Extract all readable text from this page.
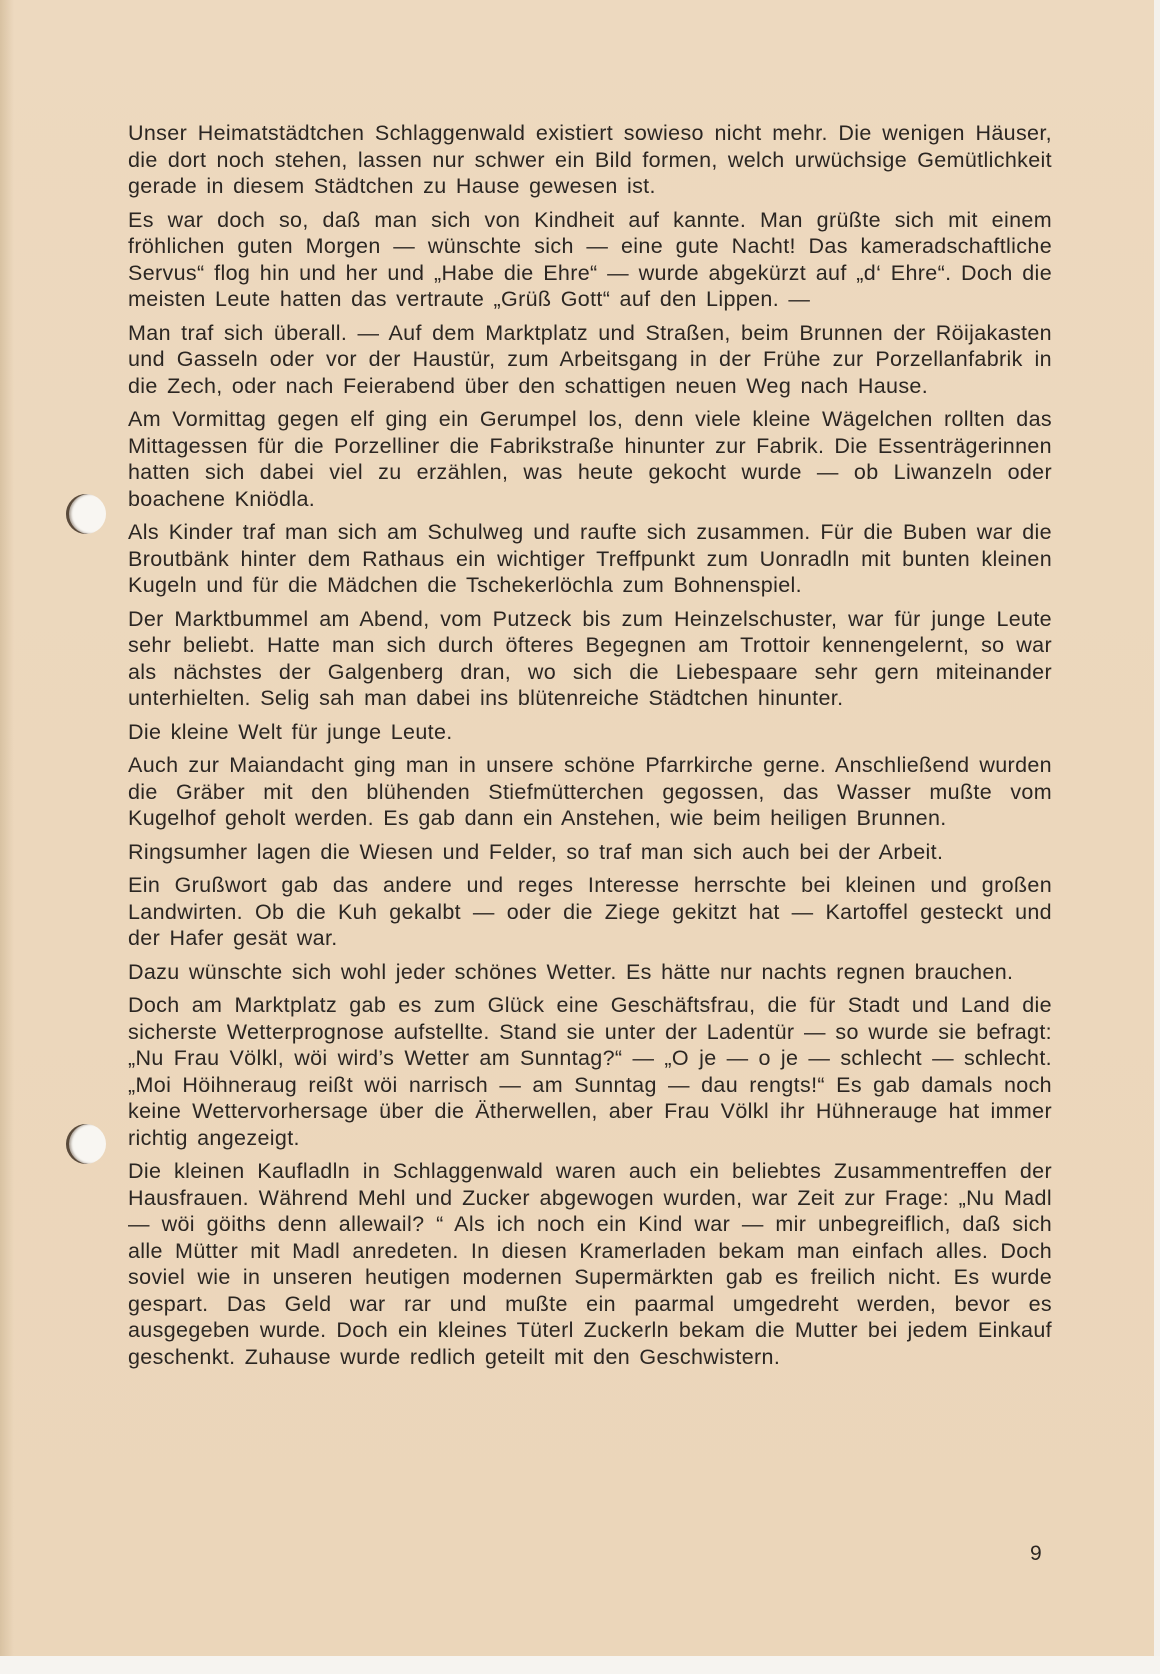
Unser Heimatstädtchen Schlaggenwald existiert sowieso nicht mehr. Die wenigen Häuser, die dort noch stehen, lassen nur schwer ein Bild formen, welch urwüchsige Gemütlichkeit gerade in diesem Städtchen zu Hause gewesen ist.

Es war doch so, daß man sich von Kindheit auf kannte. Man grüßte sich mit einem fröhlichen guten Morgen — wünschte sich — eine gute Nacht! Das kameradschaftliche Servus“ flog hin und her und „Habe die Ehre“ — wurde abgekürzt auf „d‘ Ehre“. Doch die meisten Leute hatten das vertraute „Grüß Gott“ auf den Lippen. —

Man traf sich überall. — Auf dem Marktplatz und Straßen, beim Brunnen der Röijakasten und Gasseln oder vor der Haustür, zum Arbeitsgang in der Frühe zur Porzellanfabrik in die Zech, oder nach Feierabend über den schattigen neuen Weg nach Hause.

Am Vormittag gegen elf ging ein Gerumpel los, denn viele kleine Wägelchen rollten das Mittagessen für die Porzelliner die Fabrikstraße hinunter zur Fabrik. Die Essenträgerinnen hatten sich dabei viel zu erzählen, was heute gekocht wurde — ob Liwanzeln oder boachene Kniödla.

Als Kinder traf man sich am Schulweg und raufte sich zusammen. Für die Buben war die Broutbänk hinter dem Rathaus ein wichtiger Treffpunkt zum Uonradln mit bunten kleinen Kugeln und für die Mädchen die Tschekerlöchla zum Bohnenspiel.

Der Marktbummel am Abend, vom Putzeck bis zum Heinzelschuster, war für junge Leute sehr beliebt. Hatte man sich durch öfteres Begegnen am Trottoir kennengelernt, so war als nächstes der Galgenberg dran, wo sich die Liebespaare sehr gern miteinander unterhielten. Selig sah man dabei ins blütenreiche Städtchen hinunter.

Die kleine Welt für junge Leute.

Auch zur Maiandacht ging man in unsere schöne Pfarrkirche gerne. Anschließend wurden die Gräber mit den blühenden Stiefmütterchen gegossen, das Wasser mußte vom Kugelhof geholt werden. Es gab dann ein Anstehen, wie beim heiligen Brunnen.

Ringsumher lagen die Wiesen und Felder, so traf man sich auch bei der Arbeit.

Ein Grußwort gab das andere und reges Interesse herrschte bei kleinen und großen Landwirten. Ob die Kuh gekalbt — oder die Ziege gekitzt hat — Kartoffel gesteckt und der Hafer gesät war.

Dazu wünschte sich wohl jeder schönes Wetter. Es hätte nur nachts regnen brauchen.

Doch am Marktplatz gab es zum Glück eine Geschäftsfrau, die für Stadt und Land die sicherste Wetterprognose aufstellte. Stand sie unter der Ladentür — so wurde sie befragt: „Nu Frau Völkl, wöi wird’s Wetter am Sunntag?“ — „O je — o je — schlecht — schlecht. „Moi Höihneraug reißt wöi narrisch — am Sunntag — dau rengts!“ Es gab damals noch keine Wettervorhersage über die Ätherwellen, aber Frau Völkl ihr Hühnerauge hat immer richtig angezeigt.

Die kleinen Kaufladln in Schlaggenwald waren auch ein beliebtes Zusammentreffen der Hausfrauen. Während Mehl und Zucker abgewogen wurden, war Zeit zur Frage: „Nu Madl — wöi göiths denn allewail? “ Als ich noch ein Kind war — mir unbegreiflich, daß sich alle Mütter mit Madl anredeten. In diesen Kramerladen bekam man einfach alles. Doch soviel wie in unseren heutigen modernen Supermärkten gab es freilich nicht. Es wurde gespart. Das Geld war rar und mußte ein paarmal umgedreht werden, bevor es ausgegeben wurde. Doch ein kleines Tüterl Zuckerln bekam die Mutter bei jedem Einkauf geschenkt. Zuhause wurde redlich geteilt mit den Geschwistern.

9
